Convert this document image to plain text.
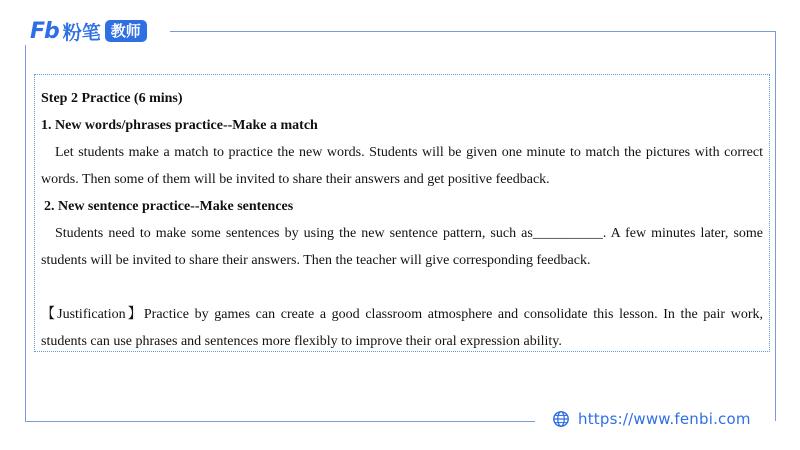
Fb 粉笔 教师

Step 2 Practice (6 mins)

1. New words/phrases practice--Make a match

Let students make a match to practice the new words. Students will be given one minute to match the pictures with correct words. Then some of them will be invited to share their answers and get positive feedback.

2. New sentence practice--Make sentences

Students need to make some sentences by using the new sentence pattern, such as__________. A few minutes later, some students will be invited to share their answers. Then the teacher will give corresponding feedback.

【Justification】Practice by games can create a good classroom atmosphere and consolidate this lesson. In the pair work, students can use phrases and sentences more flexibly to improve their oral expression ability.

https://www.fenbi.com
